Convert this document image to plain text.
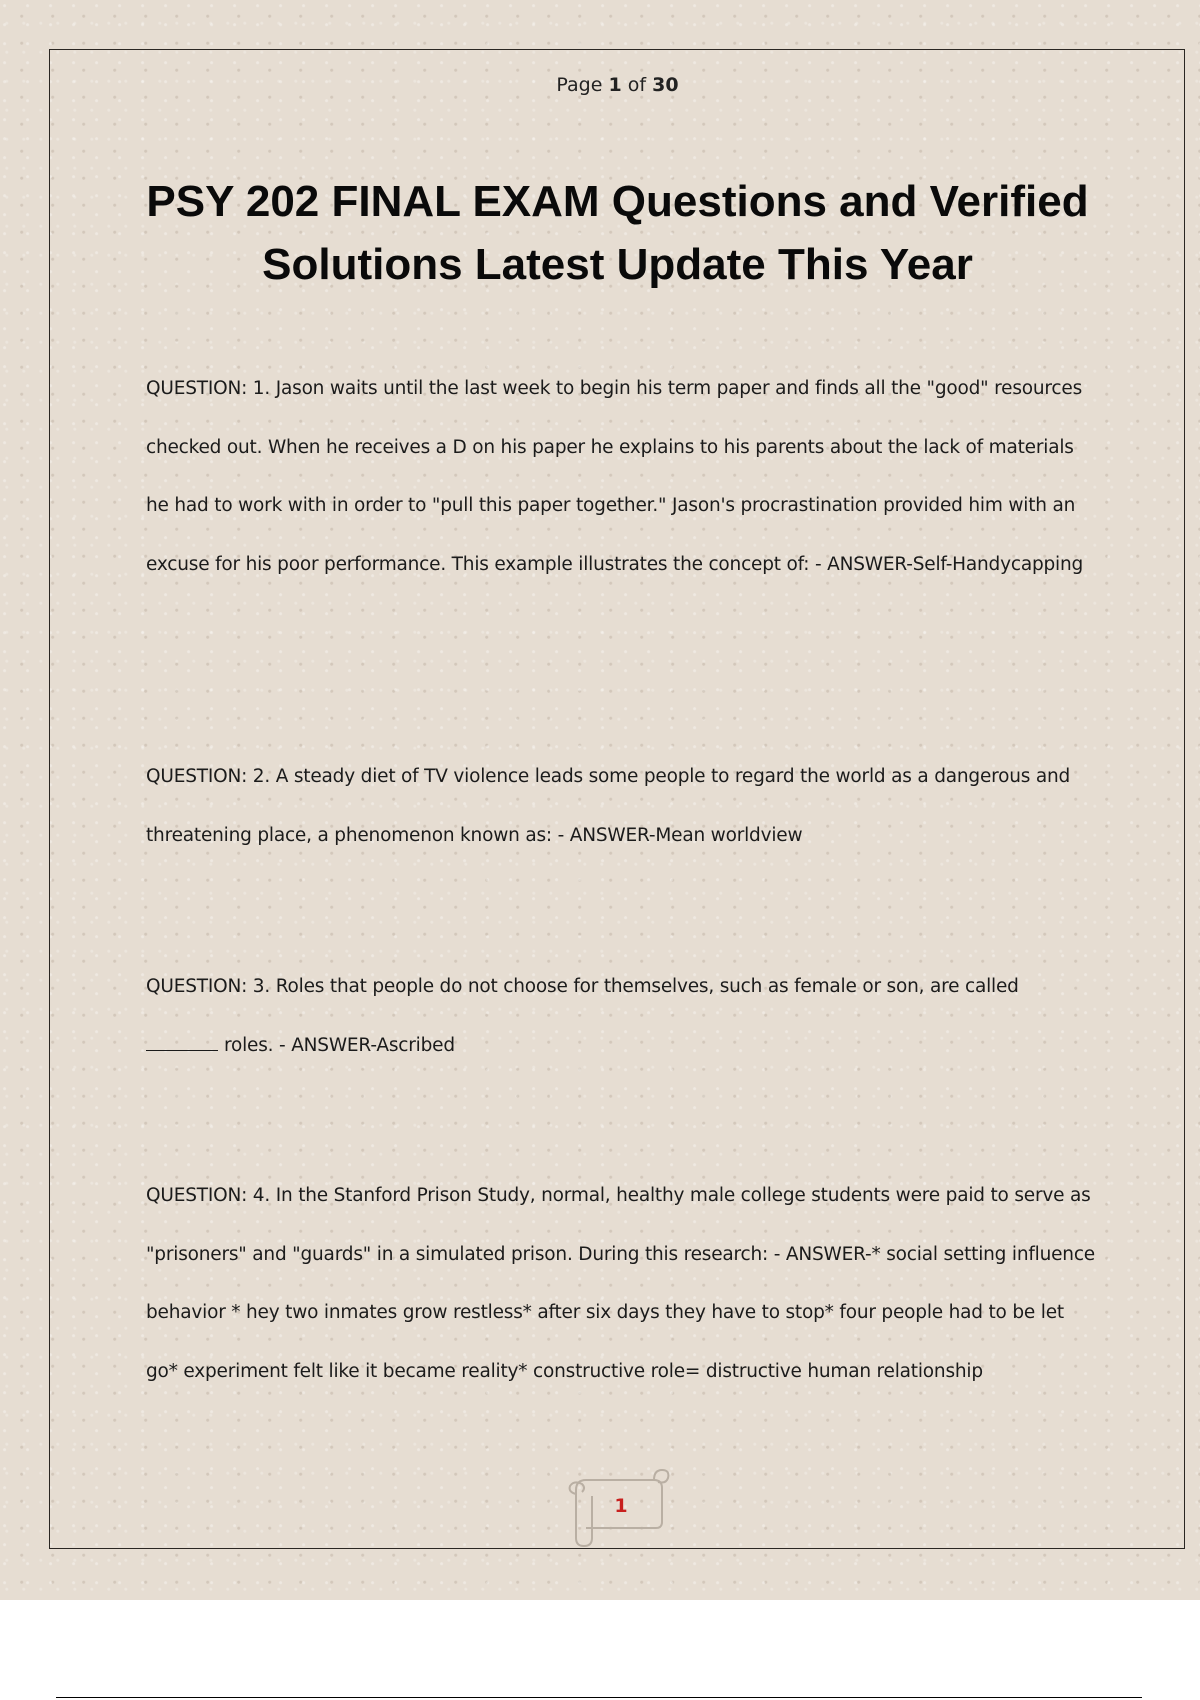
Page 1 of 30
PSY 202 FINAL EXAM Questions and Verified Solutions Latest Update This Year

QUESTION: 1. Jason waits until the last week to begin his term paper and finds all the "good" resources checked out. When he receives a D on his paper he explains to his parents about the lack of materials he had to work with in order to "pull this paper together." Jason's procrastination provided him with an excuse for his poor performance. This example illustrates the concept of: - ANSWER-Self-Handycapping

QUESTION: 2. A steady diet of TV violence leads some people to regard the world as a dangerous and threatening place, a phenomenon known as: - ANSWER-Mean worldview

QUESTION: 3. Roles that people do not choose for themselves, such as female or son, are called
roles. - ANSWER-Ascribed

QUESTION: 4. In the Stanford Prison Study, normal, healthy male college students were paid to serve as "prisoners" and "guards" in a simulated prison. During this research: - ANSWER-* social setting influence behavior * hey two inmates grow restless* after six days they have to stop* four people had to be let go* experiment felt like it became reality* constructive role= distructive human relationship

1
